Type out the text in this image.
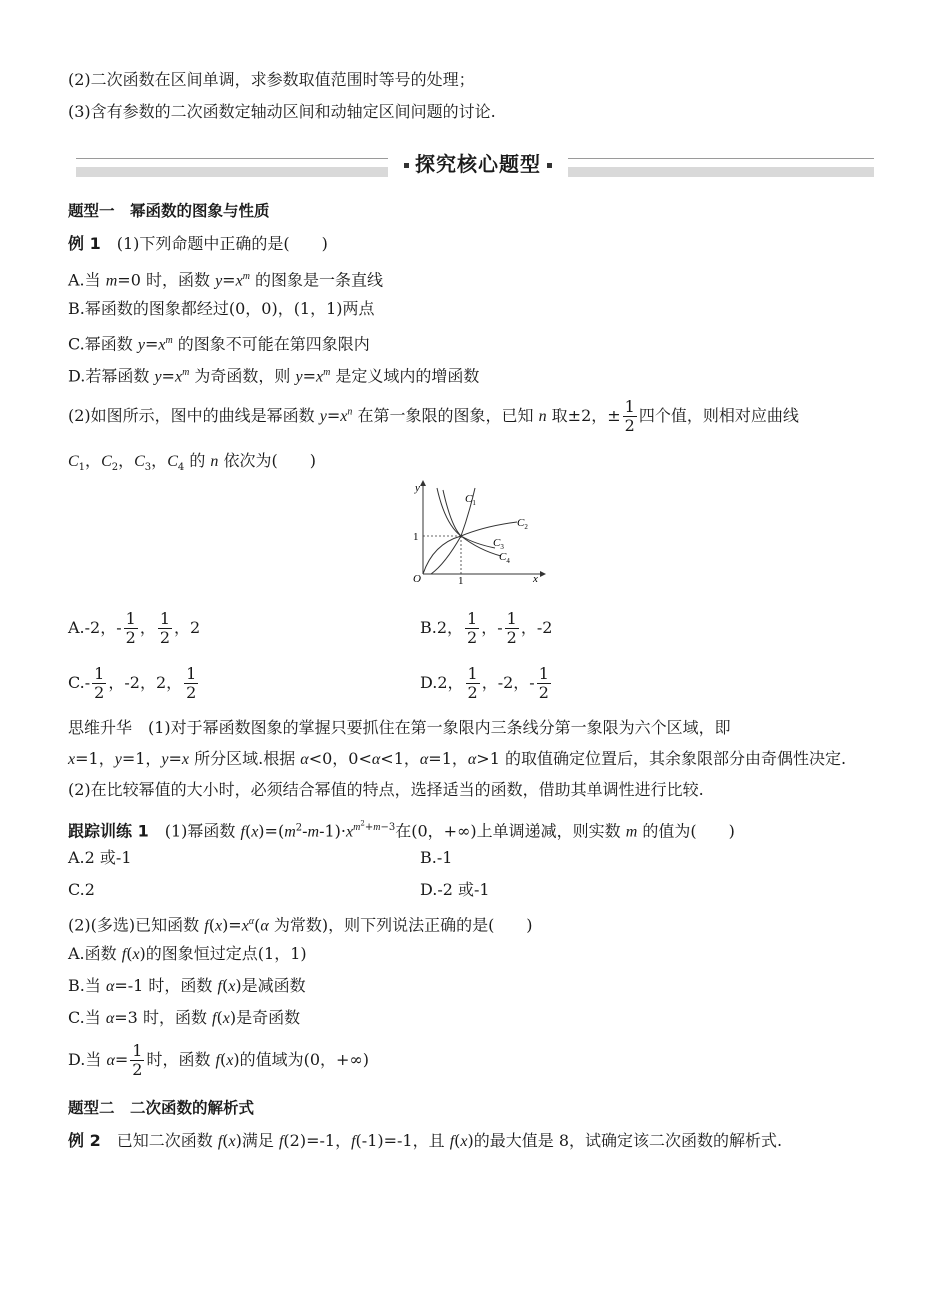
(2)二次函数在区间单调，求参数取值范围时等号的处理；
(3)含有参数的二次函数定轴动区间和动轴定区间问题的讨论.
探究核心题型
题型一　幂函数的图象与性质
例 1　(1)下列命题中正确的是(　　)
A.当 m=0 时，函数 $y=x^m$ 的图象是一条直线
B.幂函数的图象都经过(0，0)，(1，1)两点
C.幂函数 $y=x^m$ 的图象不可能在第四象限内
D.若幂函数 $y=x^m$ 为奇函数，则 $y=x^m$ 是定义域内的增函数
(2)如图所示，图中的曲线是幂函数 $y=x^n$ 在第一象限的图象，已知 n 取±2，± $\frac{1}{2}$ 四个值，则相对应曲线
$C_1$，$C_2$，$C_3$，$C_4$ 的 n 依次为(　　)
y
x
O	1
1
$C_1$
$C_2$
$C_3$
$C_4$
A.-2，- $\frac{1}{2}$ ， $\frac{1}{2}$ ，2	B.2， $\frac{1}{2}$ ，- $\frac{1}{2}$ ，-2
$C.- \frac{1}{2}$ ，-2，2， $\frac{1}{2}$	D.2， $\frac{1}{2}$ ，-2，- $\frac{1}{2}$
思维升华　(1)对于幂函数图象的掌握只要抓住在第一象限内三条线分第一象限为六个区域，即
x=1，y=1，y=x 所分区域.根据 α<0，0<α<1，α=1，α>1 的取值确定位置后，其余象限部分由奇偶性决定.
(2)在比较幂值的大小时，必须结合幂值的特点，选择适当的函数，借助其单调性进行比较.
跟踪训练 1　(1)幂函数 $f(x)=(m^2-m-1)\cdot x^{m^2+m-3}$在(0，+∞)上单调递减，则实数 m 的值为(　　)
A.2 或-1	B.-1
C.2	D.-2 或-1
(2)(多选)已知函数 $f(x)=x^\alpha(\alpha$ 为常数)，则下列说法正确的是(　　)
A.函数 f(x)的图象恒过定点(1，1)
B.当 α=-1 时，函数 f(x)是减函数
C.当 α=3 时，函数 f(x)是奇函数
D.当 $\alpha= \frac{1}{2}$ 时，函数 f(x)的值域为(0，+∞)
题型二　二次函数的解析式
例 2　已知二次函数 f(x)满足 f(2)=-1，f(-1)=-1，且 f(x)的最大值是 8，试确定该二次函数的解析式.
